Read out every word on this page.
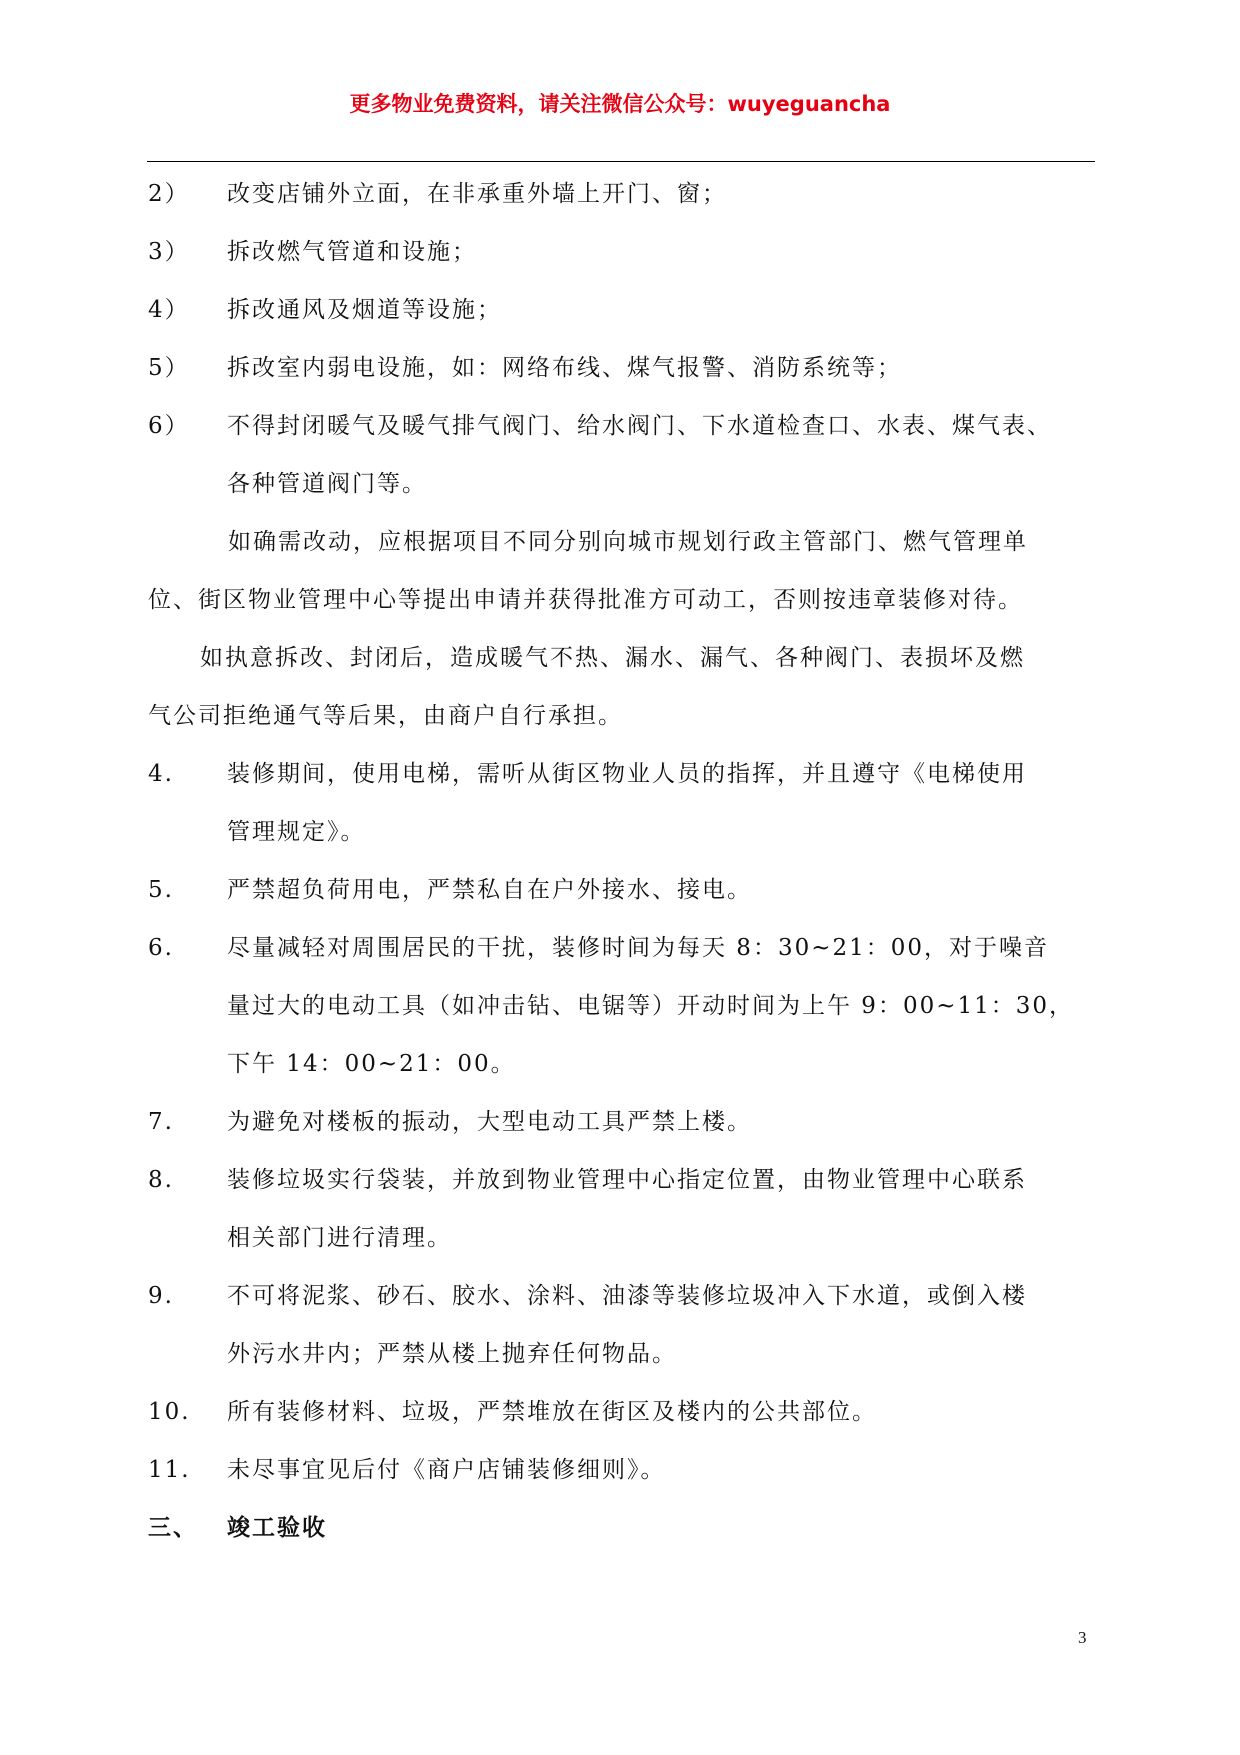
更多物业免费资料，请关注微信公众号：wuyeguancha
2） 改变店铺外立面，在非承重外墙上开门、窗；
3） 拆改燃气管道和设施；
4） 拆改通风及烟道等设施；
5） 拆改室内弱电设施，如：网络布线、煤气报警、消防系统等；
6） 不得封闭暖气及暖气排气阀门、给水阀门、下水道检查口、水表、煤气表、
各种管道阀门等。
如确需改动，应根据项目不同分别向城市规划行政主管部门、燃气管理单
位、街区物业管理中心等提出申请并获得批准方可动工，否则按违章装修对待。
如执意拆改、封闭后，造成暖气不热、漏水、漏气、各种阀门、表损坏及燃
气公司拒绝通气等后果，由商户自行承担。
4. 装修期间，使用电梯，需听从街区物业人员的指挥，并且遵守《电梯使用
管理规定》。
5. 严禁超负荷用电，严禁私自在户外接水、接电。
6. 尽量减轻对周围居民的干扰，装修时间为每天 8：30~21：00，对于噪音
量过大的电动工具（如冲击钻、电锯等）开动时间为上午 9：00~11：30，
下午 14：00~21：00。
7. 为避免对楼板的振动，大型电动工具严禁上楼。
8. 装修垃圾实行袋装，并放到物业管理中心指定位置，由物业管理中心联系
相关部门进行清理。
9. 不可将泥浆、砂石、胶水、涂料、油漆等装修垃圾冲入下水道，或倒入楼
外污水井内；严禁从楼上抛弃任何物品。
10. 所有装修材料、垃圾，严禁堆放在街区及楼内的公共部位。
11. 未尽事宜见后付《商户店铺装修细则》。
三、 竣工验收
3
